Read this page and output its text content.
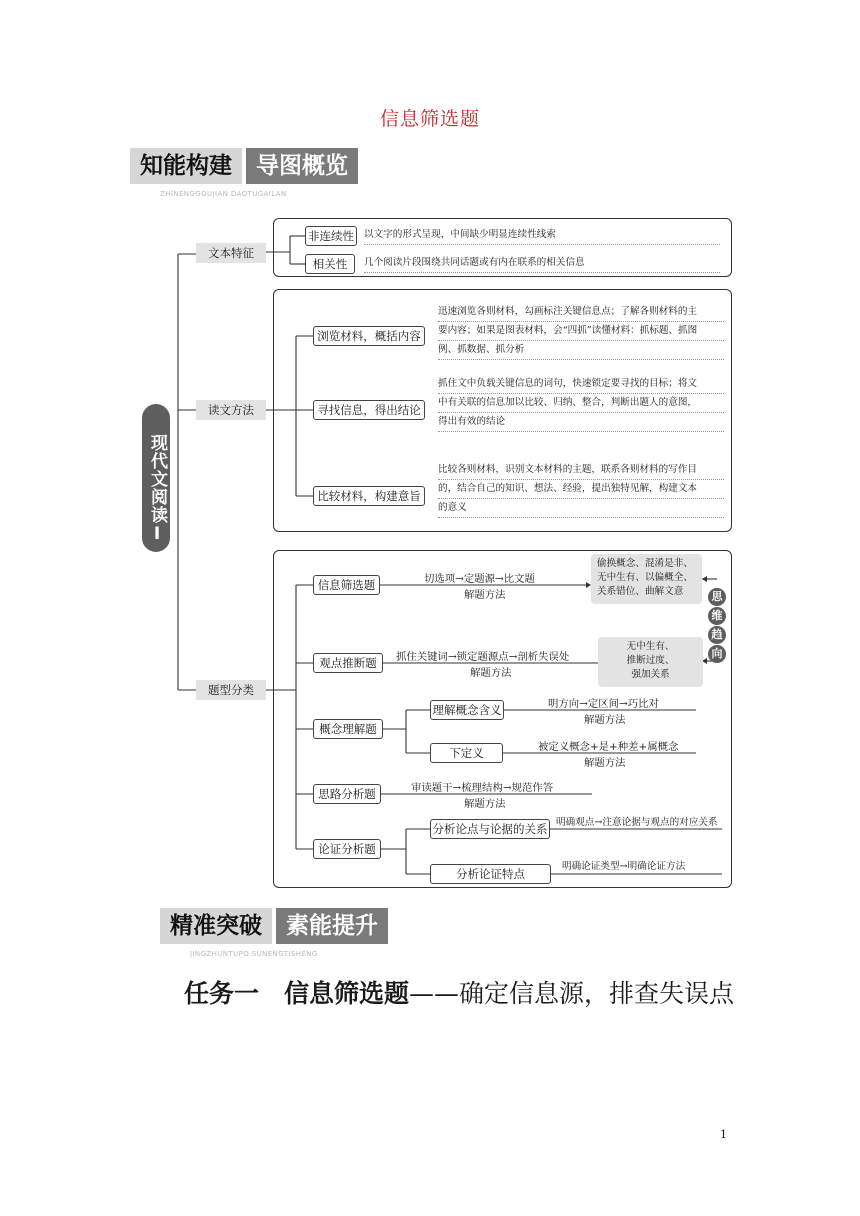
信息筛选题
知能构建	导图概览
ZHINENGGOUJIAN DAOTUGAILAN
现代文阅读Ⅰ
文本特征
读文方法
题型分类
非连续性	以文字的形式呈现，中间缺少明显连续性线索
相关性	几个阅读片段围绕共同话题或有内在联系的相关信息
浏览材料，概括内容
迅速浏览各则材料，勾画标注关键信息点；了解各则材料的主
要内容；如果是图表材料，会“四抓”读懂材料：抓标题、抓图
例、抓数据、抓分析
寻找信息，得出结论
抓住文中负载关键信息的词句，快速锁定要寻找的目标；将文
中有关联的信息加以比较、归纳、整合，判断出题人的意图，
得出有效的结论
比较材料，构建意旨
比较各则材料，识别文本材料的主题，联系各则材料的写作目
的，结合自己的知识、想法、经验，提出独特见解，构建文本
的意义
信息筛选题	切选项→定题源→比文题
解题方法
偷换概念、混淆是非、
无中生有、以偏概全、
关系错位、曲解文意
观点推断题	抓住关键词→锁定题源点→剖析失误处
解题方法
无中生有、
推断过度、
强加关系
思
维
趋
向
概念理解题
理解概念含义	明方向→定区间→巧比对
解题方法
下定义	被定义概念+是+种差+属概念
解题方法
思路分析题	审读题干→梳理结构→规范作答
解题方法
论证分析题
分析论点与论据的关系 明确观点→注意论据与观点的对应关系
分析论证特点
明确论证类型→明确论证方法
精准突破	素能提升
JINGZHUNTUPO SUNENGTISHENG
任务一　信息筛选题——确定信息源，排查失误点
1
